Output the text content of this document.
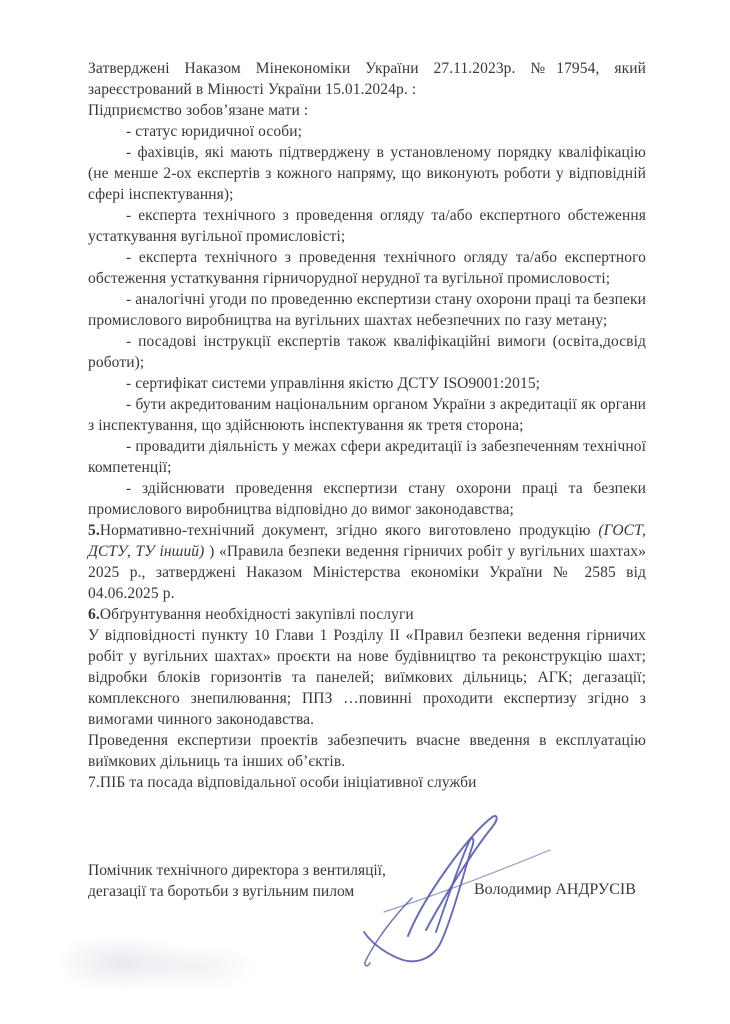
Затверджені Наказом Мінекономіки України 27.11.2023р. №17954, який зареєстрований в Мінюсті України 15.01.2024р. :

Підприємство зобов’язане мати :

- статус юридичної особи;

- фахівців, які мають підтверджену в установленому порядку кваліфікацію (не менше 2-ох експертів з кожного напряму, що виконують роботи у відповідній сфері інспектування);

- експерта технічного з проведення огляду та/або експертного обстеження устаткування вугільної промисловісті;

- експерта технічного з проведення технічного огляду та/або експертного обстеження устаткування гірничорудної нерудної та вугільної промисловості;

- аналогічні угоди по проведенню експертизи стану охорони праці та безпеки промислового виробництва на вугільних шахтах небезпечних по газу метану;

- посадові інструкції експертів також кваліфікаційні вимоги (освіта,досвід роботи);

- сертифікат системи управління якістю ДСТУ ISO9001:2015;

- бути акредитованим національним органом України з акредитації як органи з інспектування, що здійснюють інспектування як третя сторона;

- провадити діяльність у межах сфери акредитації із забезпеченням технічної компетенції;

- здійснювати проведення експертизи стану охорони праці та безпеки промислового виробництва відповідно до вимог законодавства;

5.Нормативно-технічний документ, згідно якого виготовлено продукцію (ГОСТ, ДСТУ, ТУ інший) ) «Правила безпеки ведення гірничих робіт у вугільних шахтах» 2025 р., затверджені Наказом Міністерства економіки України № 2585 від 04.06.2025 р.

6.Обґрунтування необхідності закупівлі послуги

У відповідності пункту 10 Глави 1 Розділу ІІ «Правил безпеки ведення гірничих робіт у вугільних шахтах» проєкти на нове будівництво та реконструкцію шахт; відробки блоків горизонтів та панелей; виїмкових дільниць; АГК; дегазації; комплексного знепилювання; ППЗ …повинні проходити експертизу згідно з вимогами чинного законодавства.

Проведення експертизи проектів забезпечить вчасне введення в експлуатацію виїмкових дільниць та інших об’єктів.

7.ПІБ та посада відповідальної особи ініціативної служби

Помічник технічного директора з вентиляції,

дегазації та боротьби з вугільним пилом	Володимир АНДРУСІВ
